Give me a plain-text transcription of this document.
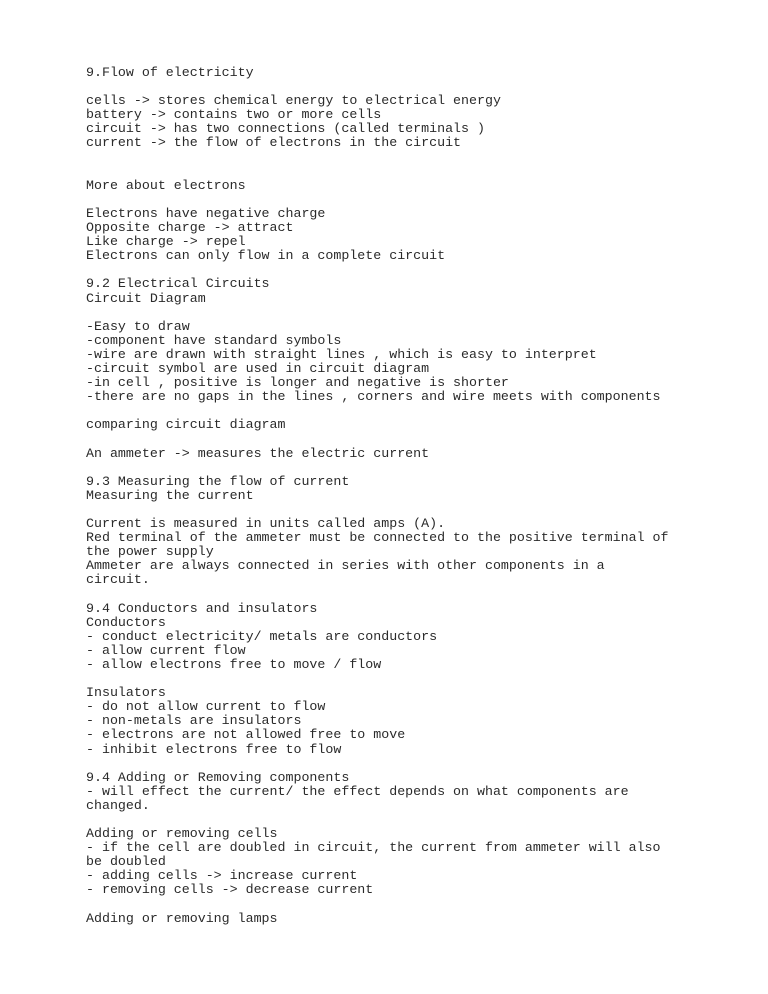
9.Flow of electricity
cells -> stores chemical energy to electrical energy
battery -> contains two or more cells
circuit -> has two connections (called terminals )
current -> the flow of electrons in the circuit
More about electrons
Electrons have negative charge
Opposite charge -> attract
Like charge -> repel
Electrons can only flow in a complete circuit
9.2 Electrical Circuits
Circuit Diagram
-Easy to draw
-component have standard symbols
-wire are drawn with straight lines , which is easy to interpret
-circuit symbol are used in circuit diagram
-in cell , positive is longer and negative is shorter
-there are no gaps in the lines , corners and wire meets with components
comparing circuit diagram
An ammeter -> measures the electric current
9.3 Measuring the flow of current
Measuring the current
Current is measured in units called amps (A).
Red terminal of the ammeter must be connected to the positive terminal of
the power supply
Ammeter are always connected in series with other components in a
circuit.
9.4 Conductors and insulators
Conductors
- conduct electricity/ metals are conductors
- allow current flow
- allow electrons free to move / flow
Insulators
- do not allow current to flow
- non-metals are insulators
- electrons are not allowed free to move
- inhibit electrons free to flow
9.4 Adding or Removing components
- will effect the current/ the effect depends on what components are
changed.
Adding or removing cells
- if the cell are doubled in circuit, the current from ammeter will also
be doubled
- adding cells -> increase current
- removing cells -> decrease current
Adding or removing lamps
